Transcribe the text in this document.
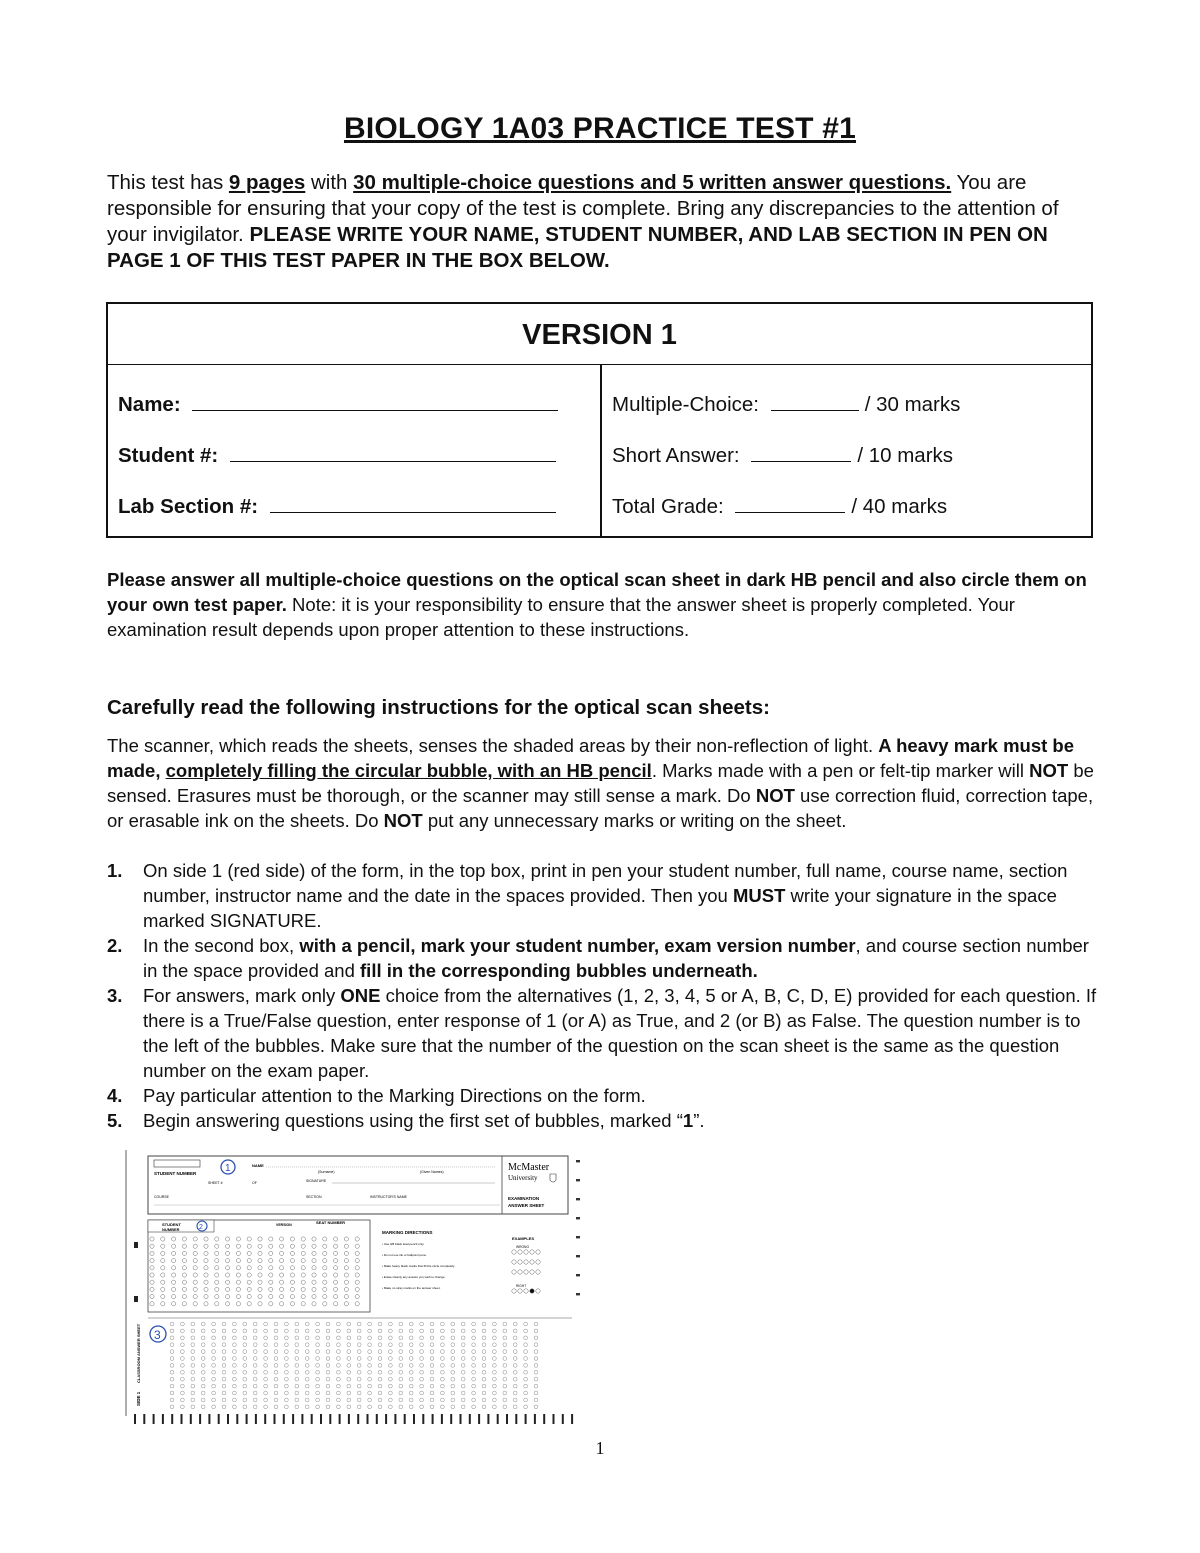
BIOLOGY 1A03 PRACTICE TEST #1
This test has 9 pages with 30 multiple-choice questions and 5 written answer questions. You are responsible for ensuring that your copy of the test is complete. Bring any discrepancies to the attention of your invigilator. PLEASE WRITE YOUR NAME, STUDENT NUMBER, AND LAB SECTION IN PEN ON PAGE 1 OF THIS TEST PAPER IN THE BOX BELOW.
VERSION 1
Name:
Student #:
Lab Section #:
Multiple-Choice:	/ 30 marks
Short Answer:	/ 10 marks
Total Grade:	/ 40 marks
Please answer all multiple-choice questions on the optical scan sheet in dark HB pencil and also circle them on your own test paper. Note: it is your responsibility to ensure that the answer sheet is properly completed. Your examination result depends upon proper attention to these instructions.
Carefully read the following instructions for the optical scan sheets:
The scanner, which reads the sheets, senses the shaded areas by their non-reflection of light. A heavy mark must be made, completely filling the circular bubble, with an HB pencil. Marks made with a pen or felt-tip marker will NOT be sensed. Erasures must be thorough, or the scanner may still sense a mark. Do NOT use correction fluid, correction tape, or erasable ink on the sheets. Do NOT put any unnecessary marks or writing on the sheet.
1. On side 1 (red side) of the form, in the top box, print in pen your student number, full name, course name, section number, instructor name and the date in the spaces provided. Then you MUST write your signature in the space marked SIGNATURE.
2. In the second box, with a pencil, mark your student number, exam version number, and course section number in the space provided and fill in the corresponding bubbles underneath.
3. For answers, mark only ONE choice from the alternatives (1, 2, 3, 4, 5 or A, B, C, D, E) provided for each question. If there is a True/False question, enter response of 1 (or A) as True, and 2 (or B) as False. The question number is to the left of the bubbles. Make sure that the number of the question on the scan sheet is the same as the question number on the exam paper.
4. Pay particular attention to the Marking Directions on the form.
5. Begin answering questions using the first set of bubbles, marked “1”.
STUDENT NUMBER	1	NAME
(Surname)	(Given Names)
SHEET #	OF	SIGNATURE
COURSE	SECTION	INSTRUCTOR'S NAME
McMaster
University
EXAMINATION
ANSWER SHEET
STUDENT
NUMBER	2	VERSION	SEAT NUMBER
MARKING DIRECTIONS
• Use HB black lead pencil only.
• Do not use ink or ballpoint pens.
• Make heavy black marks that fill the circle completely.
• Erase cleanly any answer you wish to change.
• Make no stray marks on the answer sheet.
EXAMPLES
WRONG
RIGHT
CLASSROOM ANSWER SHEET
SIDE 1
3
1
